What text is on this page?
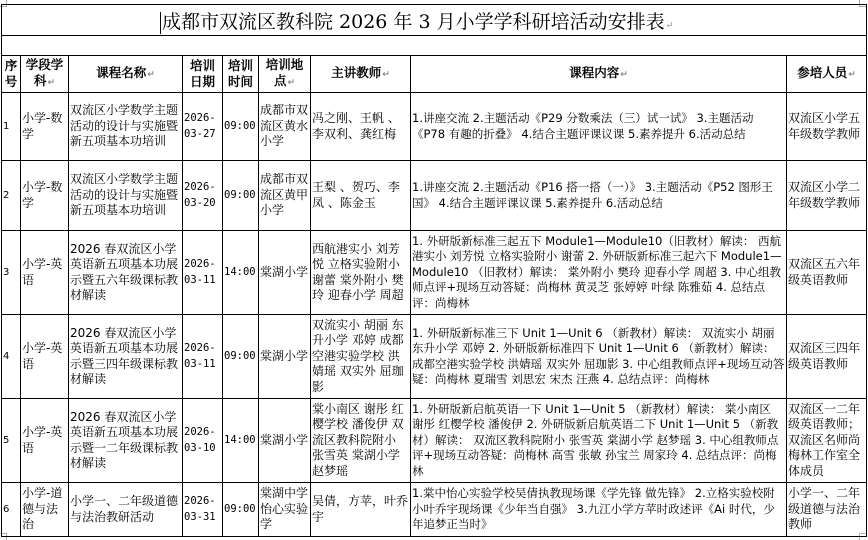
成都市双流区教科院 2026 年 3 月小学学科研培活动安排表↵								

序号	学段学科↵	课程名称↵	培训日期	培训时间	培训地点↵	主讲教师↵	课程内容↵	参培人员↵
1	小学-数学	双流区小学数学主题活动的设计与实施暨新五项基本功培训	2026-03-27	09:00	成都市双流区黄水小学	冯之刚、王帆 、李双利、龚红梅	1.讲座交流 2.主题活动《P29 分数乘法（三）试一试》 3.主题活动《P78 有趣的折叠》 4.结合主题评课议课 5.素养提升 6.活动总结	双流区小学五年级数学教师
2	小学-数学	双流区小学数学主题活动的设计与实施暨新五项基本功培训	2026-03-20	09:00	成都市双流区黄甲小学	王梨 、贺巧、李凤 、陈金玉	1.讲座交流 2.主题活动《P16 搭一搭（一）》 3.主题活动《P52 图形王国》 4.结合主题评课议课 5.素养提升 6.活动总结	双流区小学二年级数学教师
3	小学-英语	2026 春双流区小学英语新五项基本功展示暨五六年级课标教材解读	2026-03-11	14:00	棠湖小学	西航港实小 刘芳悦 立格实验附小 谢蕾 棠外附小 樊玲 迎春小学 周超	1. 外研版新标准三起五下 Module1—Module10（旧教材）解读： 西航港实小 刘芳悦 立格实验附小 谢蕾 2. 外研版新标准三起六下 Module1—Module10 （旧教材）解读： 棠外附小 樊玲 迎春小学 周超 3. 中心组教师点评+现场互动答疑：尚梅林 黄灵芝 张婷婷 叶绿 陈雅茹 4. 总结点评：尚梅林	双流区五六年级英语教师
4	小学-英语	2026 春双流区小学英语新五项基本功展示暨三四年级课标教材解读	2026-03-11	09:00	棠湖小学	双流实小 胡丽 东升小学 邓婷 成都空港实验学校 洪婧瑶 双实外 屈珈影	1. 外研版新标准三下 Unit 1—Unit 6 （新教材）解读： 双流实小 胡丽 东升小学 邓婷 2. 外研版新标准四下 Unit 1—Unit 6 （新教材）解读： 成都空港实验学校 洪婧瑶 双实外 屈珈影 3. 中心组教师点评+现场互动答疑：尚梅林 夏瑞雪 刘思宏 宋杰 汪燕 4. 总结点评：尚梅林	双流区三四年级英语教师
5	小学-英语	2026 春双流区小学英语新五项基本功展示暨一二年级课标教材解读	2026-03-10	14:00	棠湖小学	棠小南区 谢彤 红樱学校 潘俊伊 双流区教科院附小 张雪英 棠湖小学 赵梦瑶	1. 外研版新启航英语一下 Unit 1—Unit 5 （新教材）解读： 棠小南区 谢彤 红樱学校 潘俊伊 2. 外研版新启航英语二下 Unit 1—Unit 5 （新教材）解读： 双流区教科院附小 张雪英 棠湖小学 赵梦瑶 3. 中心组教师点评+现场互动答疑：尚梅林 高雪 张敏 孙宝兰 周家玲 4. 总结点评：尚梅林	双流区一二年级英语教师；双流区名师尚梅林工作室全体成员
6	小学-道德与法治	小学一、二年级道德与法治教研活动	2026-03-31	09:00	棠湖中学怡心实验学	吴倩，方苹，叶乔宇	1.棠中怡心实验学校吴倩执教现场课《学先锋 做先锋》 2.立格实验校附小叶乔宇现场课《少年当自强》 3.九江小学方苹时政述评《Ai 时代，少年追梦正当时》	小学一、二年级道德与法治教师
